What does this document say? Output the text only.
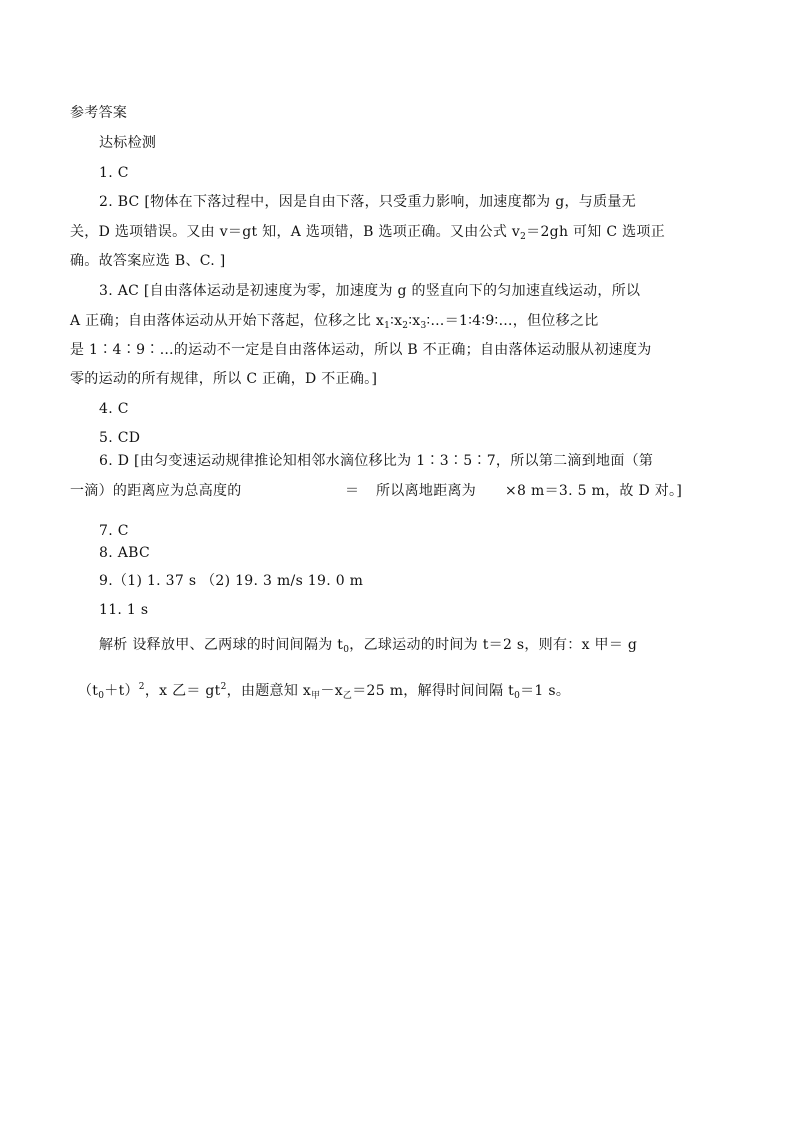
参考答案
达标检测
1. C
2. BC [物体在下落过程中，因是自由下落，只受重力影响，加速度都为 g，与质量无
关，D 选项错误。又由 v＝gt 知，A 选项错，B 选项正确。又由公式 $v_2=2gh$ 可知 C 选项正
确。故答案应选 B、C. ]
3. AC [自由落体运动是初速度为零，加速度为 g 的竖直向下的匀加速直线运动，所以
A 正确；自由落体运动从开始下落起，位移之比 $x_1∶x_2∶x_3∶\dots=1∶4∶9∶\dots$，但位移之比
是 1∶4∶9∶…的运动不一定是自由落体运动，所以 B 不正确；自由落体运动服从初速度为
零的运动的所有规律，所以 C 正确，D 不正确。]
4. C
5. CD
6. D [由匀变速运动规律推论知相邻水滴位移比为 1∶3∶5∶7，所以第二滴到地面（第
一滴）的距离应为总高度的	＝ 所以离地距离为 ×8 m＝3. 5 m，故 D 对。]
7. C
8. ABC
9.（1) 1. 37 s （2) 19. 3 m/s 19. 0 m
11. 1 s
解析 设释放甲、乙两球的时间间隔为 $t_0$，乙球运动的时间为 t＝2 s，则有：x 甲＝ g
$(t_0+t)^2$，x 乙＝ $gt^2$，由题意知 $x_甲-x_乙=25$ m，解得时间间隔 $t_0=1$ s。
